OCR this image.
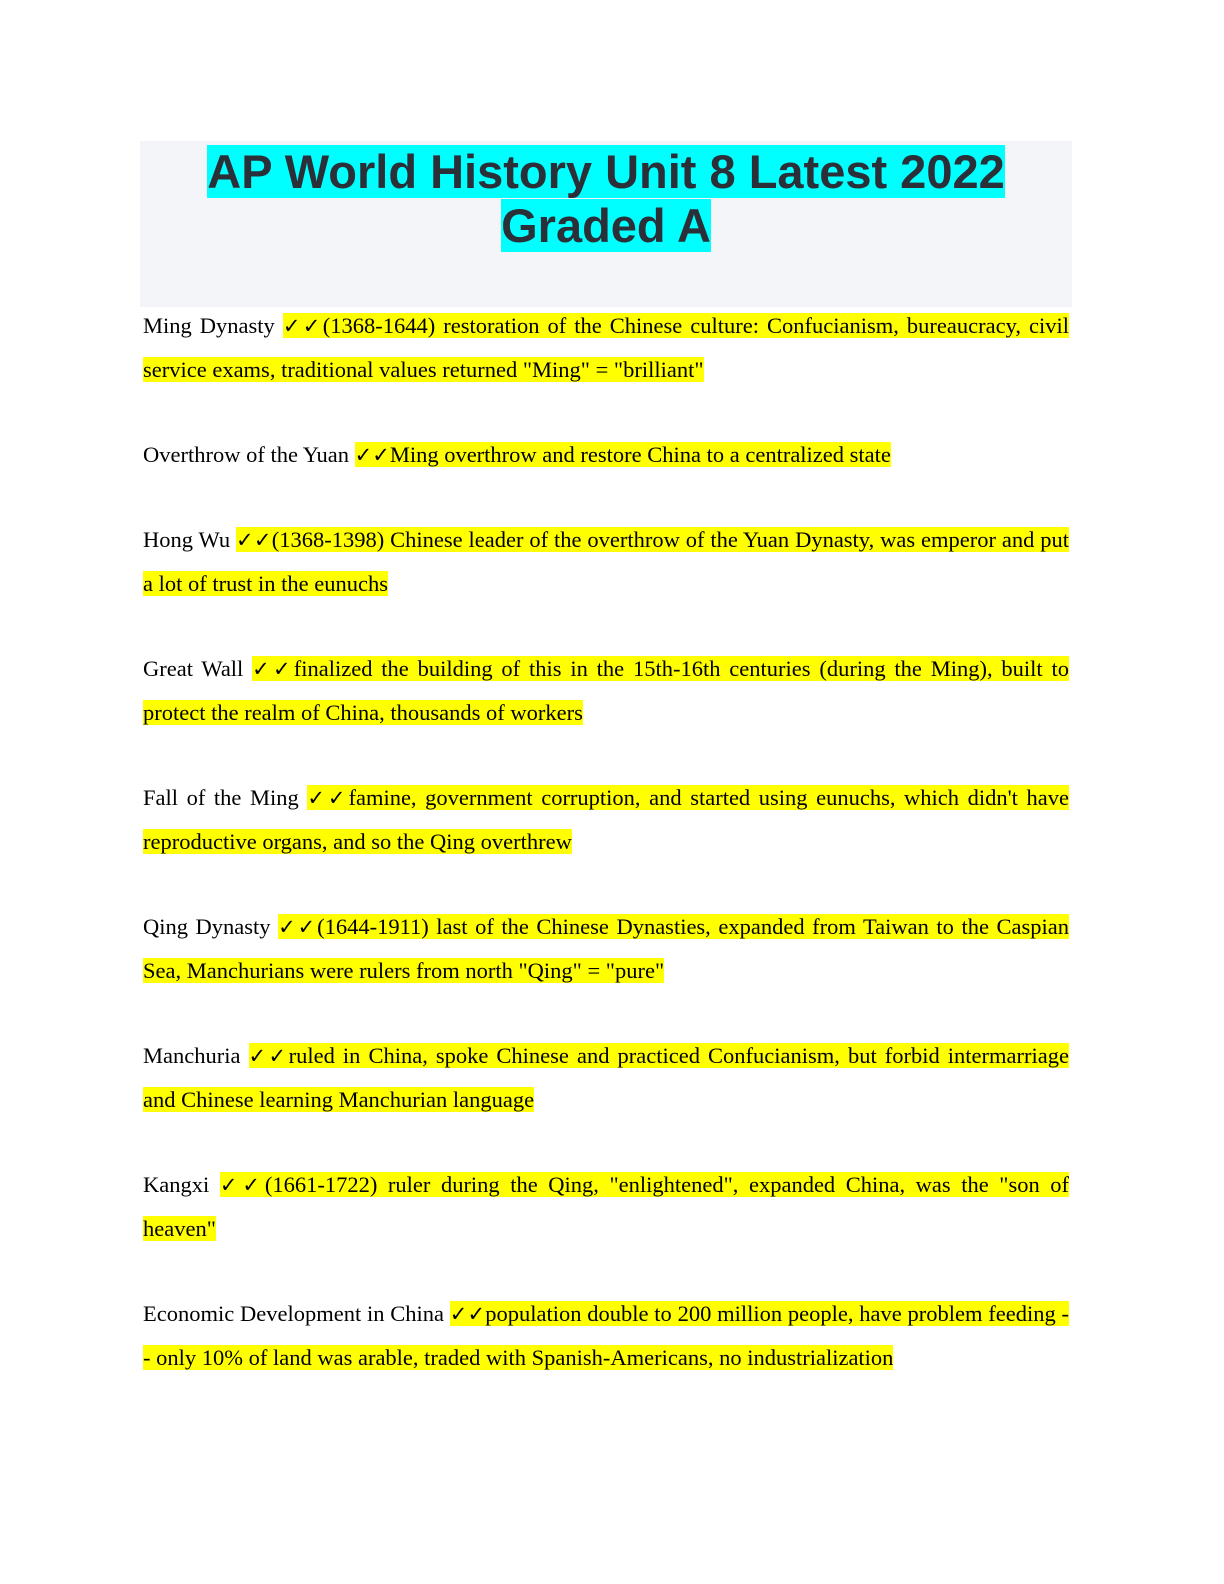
AP World History Unit 8 Latest 2022
Graded A

Ming Dynasty ✓✓(1368-1644) restoration of the Chinese culture: Confucianism, bureaucracy, civil service exams, traditional values returned "Ming" = "brilliant"

Overthrow of the Yuan ✓✓Ming overthrow and restore China to a centralized state

Hong Wu ✓✓(1368-1398) Chinese leader of the overthrow of the Yuan Dynasty, was emperor and put a lot of trust in the eunuchs

Great Wall ✓✓finalized the building of this in the 15th-16th centuries (during the Ming), built to protect the realm of China, thousands of workers

Fall of the Ming ✓✓famine, government corruption, and started using eunuchs, which didn't have reproductive organs, and so the Qing overthrew

Qing Dynasty ✓✓(1644-1911) last of the Chinese Dynasties, expanded from Taiwan to the Caspian Sea, Manchurians were rulers from north "Qing" = "pure"

Manchuria ✓✓ruled in China, spoke Chinese and practiced Confucianism, but forbid intermarriage and Chinese learning Manchurian language

Kangxi ✓✓(1661-1722) ruler during the Qing, "enlightened", expanded China, was the "son of heaven"

Economic Development in China ✓✓population double to 200 million people, have problem feeding -- only 10% of land was arable, traded with Spanish-Americans, no industrialization
